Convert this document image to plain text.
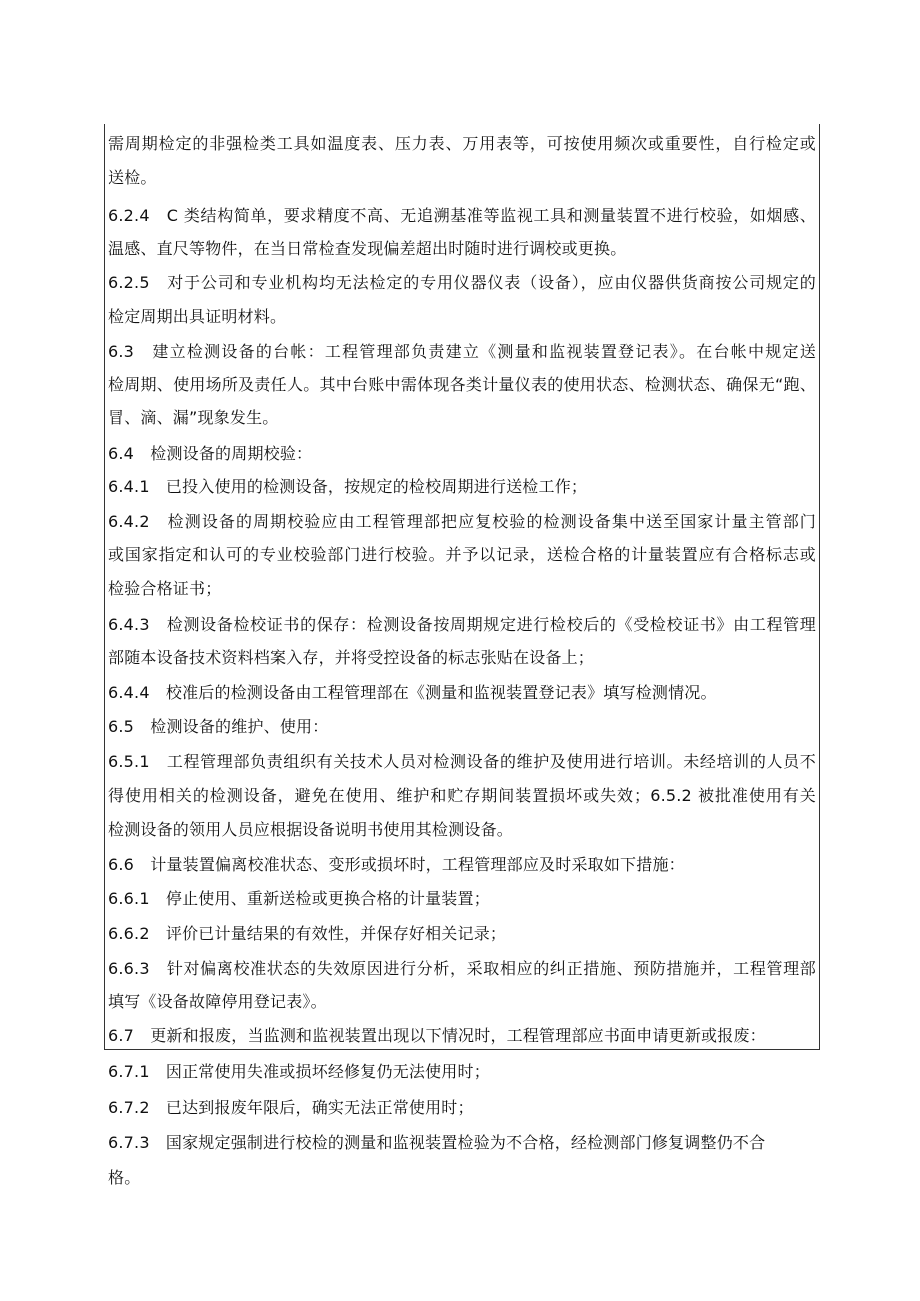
需周期检定的非强检类工具如温度表、压力表、万用表等，可按使用频次或重要性，自行检定或
送检。
6.2.4　C 类结构简单，要求精度不高、无追溯基准等监视工具和测量装置不进行校验，如烟感、
温感、直尺等物件，在当日常检查发现偏差超出时随时进行调校或更换。
6.2.5　对于公司和专业机构均无法检定的专用仪器仪表（设备），应由仪器供货商按公司规定的
检定周期出具证明材料。
6.3　建立检测设备的台帐：工程管理部负责建立《测量和监视装置登记表》。在台帐中规定送
检周期、使用场所及责任人。其中台账中需体现各类计量仪表的使用状态、检测状态、确保无“跑、
冒、滴、漏”现象发生。
6.4　检测设备的周期校验：
6.4.1　已投入使用的检测设备，按规定的检校周期进行送检工作；
6.4.2　检测设备的周期校验应由工程管理部把应复校验的检测设备集中送至国家计量主管部门
或国家指定和认可的专业校验部门进行校验。并予以记录，送检合格的计量装置应有合格标志或
检验合格证书；
6.4.3　检测设备检校证书的保存：检测设备按周期规定进行检校后的《受检校证书》由工程管理
部随本设备技术资料档案入存，并将受控设备的标志张贴在设备上；
6.4.4　校准后的检测设备由工程管理部在《测量和监视装置登记表》填写检测情况。
6.5　检测设备的维护、使用：
6.5.1　工程管理部负责组织有关技术人员对检测设备的维护及使用进行培训。未经培训的人员不
得使用相关的检测设备，避免在使用、维护和贮存期间装置损坏或失效；6.5.2 被批准使用有关
检测设备的领用人员应根据设备说明书使用其检测设备。
6.6　计量装置偏离校准状态、变形或损坏时，工程管理部应及时采取如下措施：
6.6.1　停止使用、重新送检或更换合格的计量装置；
6.6.2　评价已计量结果的有效性，并保存好相关记录；
6.6.3　针对偏离校准状态的失效原因进行分析，采取相应的纠正措施、预防措施并，工程管理部
填写《设备故障停用登记表》。
6.7　更新和报废，当监测和监视装置出现以下情况时，工程管理部应书面申请更新或报废：
6.7.1　因正常使用失准或损坏经修复仍无法使用时；
6.7.2　已达到报废年限后，确实无法正常使用时；
6.7.3　国家规定强制进行校检的测量和监视装置检验为不合格，经检测部门修复调整仍不合
格。
